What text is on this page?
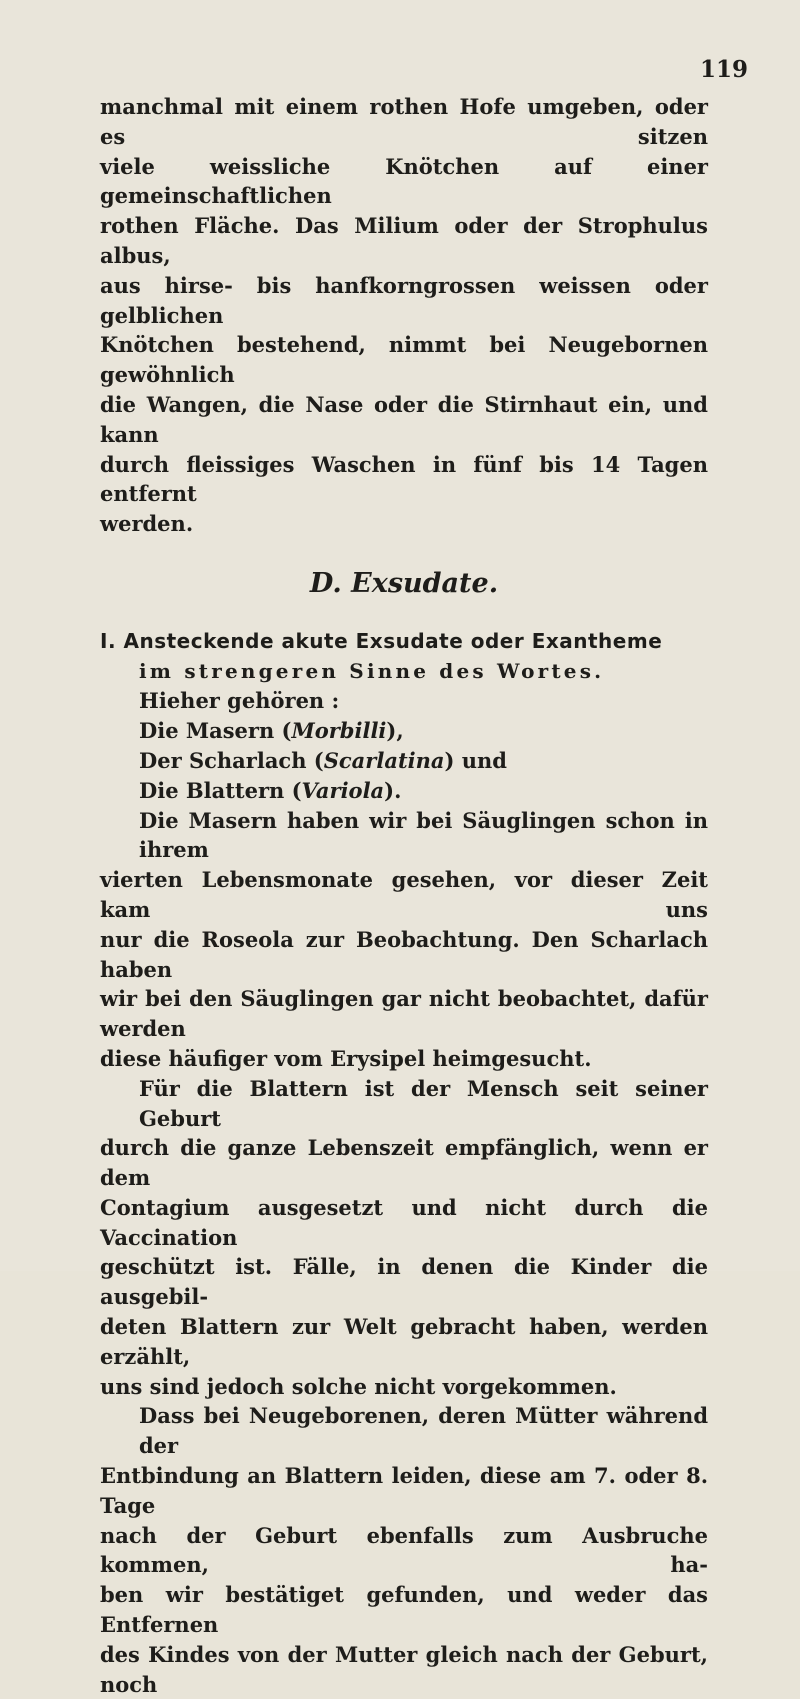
119
manchmal mit einem rothen Hofe umgeben, oder es sitzen
viele weissliche Knötchen auf einer gemeinschaftlichen
rothen Fläche. Das Milium oder der Strophulus albus,
aus hirse- bis hanfkorngrossen weissen oder gelblichen
Knötchen bestehend, nimmt bei Neugebornen gewöhnlich
die Wangen, die Nase oder die Stirnhaut ein, und kann
durch fleissiges Waschen in fünf bis 14 Tagen entfernt
werden.
D. Exsudate.
I. Ansteckende akute Exsudate oder Exantheme
im strengeren Sinne des Wortes.
Hieher gehören :
Die Masern (Morbilli),
Der Scharlach (Scarlatina) und
Die Blattern (Variola).
Die Masern haben wir bei Säuglingen schon in ihrem
vierten Lebensmonate gesehen, vor dieser Zeit kam uns
nur die Roseola zur Beobachtung. Den Scharlach haben
wir bei den Säuglingen gar nicht beobachtet, dafür werden
diese häufiger vom Erysipel heimgesucht.
Für die Blattern ist der Mensch seit seiner Geburt
durch die ganze Lebenszeit empfänglich, wenn er dem
Contagium ausgesetzt und nicht durch die Vaccination
geschützt ist. Fälle, in denen die Kinder die ausgebil-
deten Blattern zur Welt gebracht haben, werden erzählt,
uns sind jedoch solche nicht vorgekommen.
Dass bei Neugeborenen, deren Mütter während der
Entbindung an Blattern leiden, diese am 7. oder 8. Tage
nach der Geburt ebenfalls zum Ausbruche kommen, ha-
ben wir bestätiget gefunden, und weder das Entfernen
des Kindes von der Mutter gleich nach der Geburt, noch
